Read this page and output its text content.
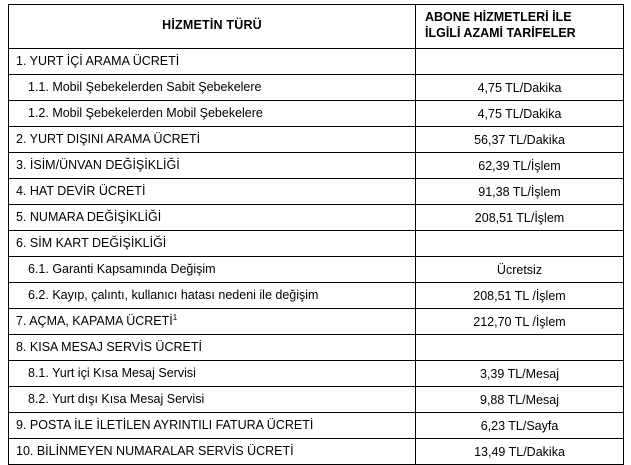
HİZMETİN TÜRÜ	ABONE HİZMETLERİ İLE
İLGİLİ AZAMİ TARİFELER

1. YURT İÇİ ARAMA ÜCRETİ	

1.1. Mobil Şebekelerden Sabit Şebekelere	4,75 TL/Dakika

1.2. Mobil Şebekelerden Mobil Şebekelere	4,75 TL/Dakika

2. YURT DIŞINI ARAMA ÜCRETİ	56,37 TL/Dakika

3. İSİM/ÜNVAN DEĞİŞİKLİĞİ	62,39 TL/İşlem

4. HAT DEVİR ÜCRETİ	91,38 TL/İşlem

5. NUMARA DEĞİŞİKLİĞİ	208,51 TL/İşlem

6. SİM KART DEĞİŞİKLİĞİ	

6.1. Garanti Kapsamında Değişim	Ücretsiz

6.2. Kayıp, çalıntı, kullanıcı hatası nedeni ile değişim	208,51 TL /İşlem

7. AÇMA, KAPAMA ÜCRETİ$^1$	212,70 TL /İşlem

8. KISA MESAJ SERVİS ÜCRETİ	

8.1. Yurt içi Kısa Mesaj Servisi	3,39 TL/Mesaj

8.2. Yurt dışı Kısa Mesaj Servisi	9,88 TL/Mesaj

9. POSTA İLE İLETİLEN AYRINTILI FATURA ÜCRETİ	6,23 TL/Sayfa

10. BİLİNMEYEN NUMARALAR SERVİS ÜCRETİ	13,49 TL/Dakika
